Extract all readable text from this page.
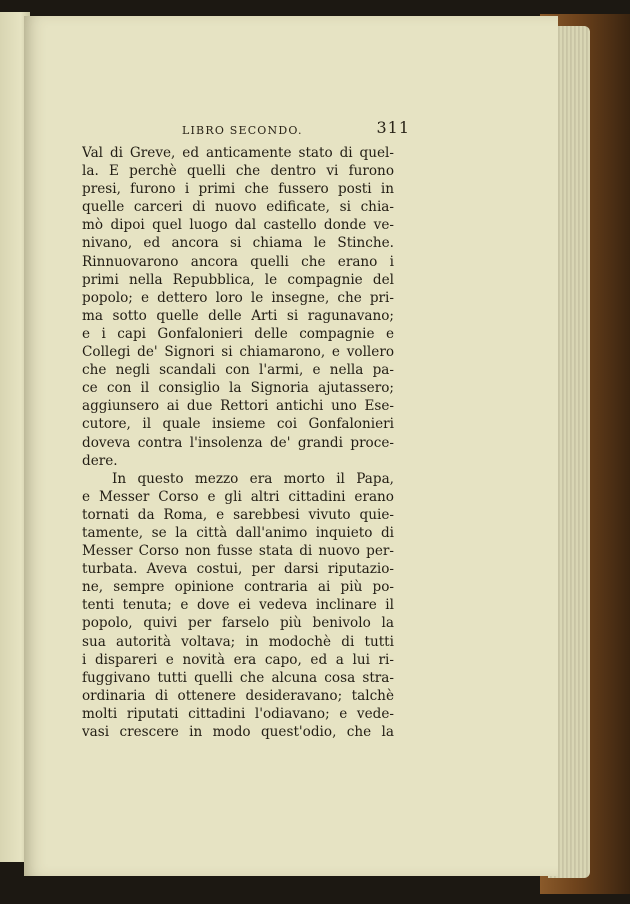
LIBRO SECONDO.	311
Val di Greve, ed anticamente stato di quel-
la. E perchè quelli che dentro vi furono
presi, furono i primi che fussero posti in
quelle carceri di nuovo edificate, si chia-
mò dipoi quel luogo dal castello donde ve-
nivano, ed ancora si chiama le Stinche.
Rinnuovarono ancora quelli che erano i
primi nella Repubblica, le compagnie del
popolo; e dettero loro le insegne, che pri-
ma sotto quelle delle Arti si ragunavano;
e i capi Gonfalonieri delle compagnie e
Collegi de' Signori si chiamarono, e vollero
che negli scandali con l'armi, e nella pa-
ce con il consiglio la Signoria ajutassero;
aggiunsero ai due Rettori antichi uno Ese-
cutore, il quale insieme coi Gonfalonieri
doveva contra l'insolenza de' grandi proce-
dere.
In questo mezzo era morto il Papa,
e Messer Corso e gli altri cittadini erano
tornati da Roma, e sarebbesi vivuto quie-
tamente, se la città dall'animo inquieto di
Messer Corso non fusse stata di nuovo per-
turbata. Aveva costui, per darsi riputazio-
ne, sempre opinione contraria ai più po-
tenti tenuta; e dove ei vedeva inclinare il
popolo, quivi per farselo più benivolo la
sua autorità voltava; in modochè di tutti
i dispareri e novità era capo, ed a lui ri-
fuggivano tutti quelli che alcuna cosa stra-
ordinaria di ottenere desideravano; talchè
molti riputati cittadini l'odiavano; e vede-
vasi crescere in modo quest'odio, che la
